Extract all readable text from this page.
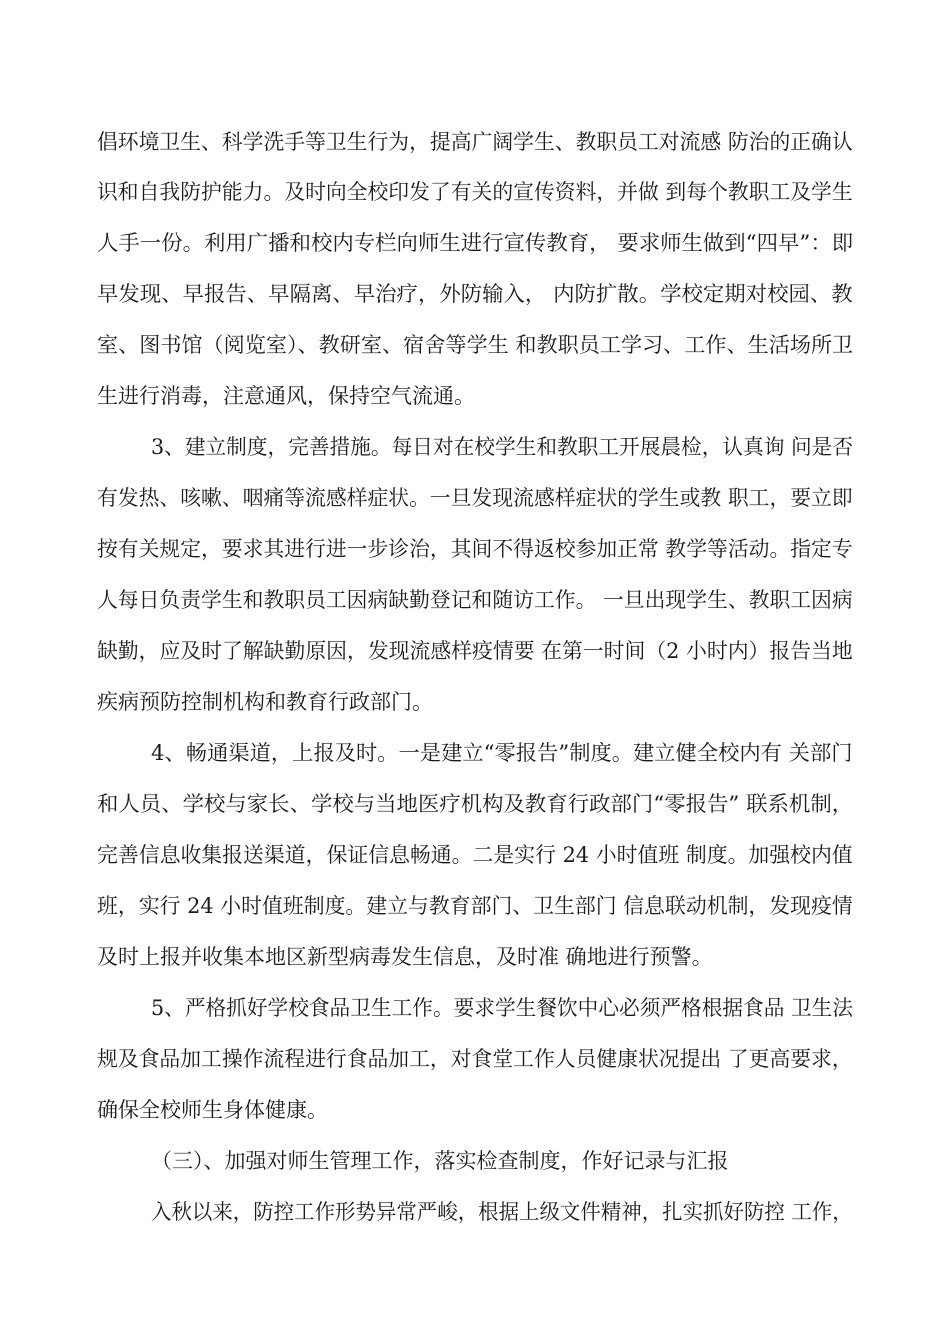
倡环境卫生、科学洗手等卫生行为，提高广阔学生、教职员工对流感 防治的正确认
识和自我防护能力。及时向全校印发了有关的宣传资料，并做 到每个教职工及学生
人手一份。利用广播和校内专栏向师生进行宣传教育， 要求师生做到“四早”：即
早发现、早报告、早隔离、早治疗，外防输入， 内防扩散。学校定期对校园、教
室、图书馆（阅览室）、教研室、宿舍等学生 和教职员工学习、工作、生活场所卫
生进行消毒，注意通风，保持空气流通。
3、建立制度，完善措施。每日对在校学生和教职工开展晨检，认真询 问是否
有发热、咳嗽、咽痛等流感样症状。一旦发现流感样症状的学生或教 职工，要立即
按有关规定，要求其进行进一步诊治，其间不得返校参加正常 教学等活动。指定专
人每日负责学生和教职员工因病缺勤登记和随访工作。 一旦出现学生、教职工因病
缺勤，应及时了解缺勤原因，发现流感样疫情要 在第一时间（2 小时内）报告当地
疾病预防控制机构和教育行政部门。
4、畅通渠道，上报及时。一是建立“零报告”制度。建立健全校内有 关部门
和人员、学校与家长、学校与当地医疗机构及教育行政部门“零报告” 联系机制，
完善信息收集报送渠道，保证信息畅通。二是实行 24 小时值班 制度。加强校内值
班，实行 24 小时值班制度。建立与教育部门、卫生部门 信息联动机制，发现疫情
及时上报并收集本地区新型病毒发生信息，及时准 确地进行预警。
5、严格抓好学校食品卫生工作。要求学生餐饮中心必须严格根据食品 卫生法
规及食品加工操作流程进行食品加工，对食堂工作人员健康状况提出 了更高要求，
确保全校师生身体健康。
（三）、加强对师生管理工作，落实检查制度，作好记录与汇报
入秋以来，防控工作形势异常严峻，根据上级文件精神，扎实抓好防控 工作，
